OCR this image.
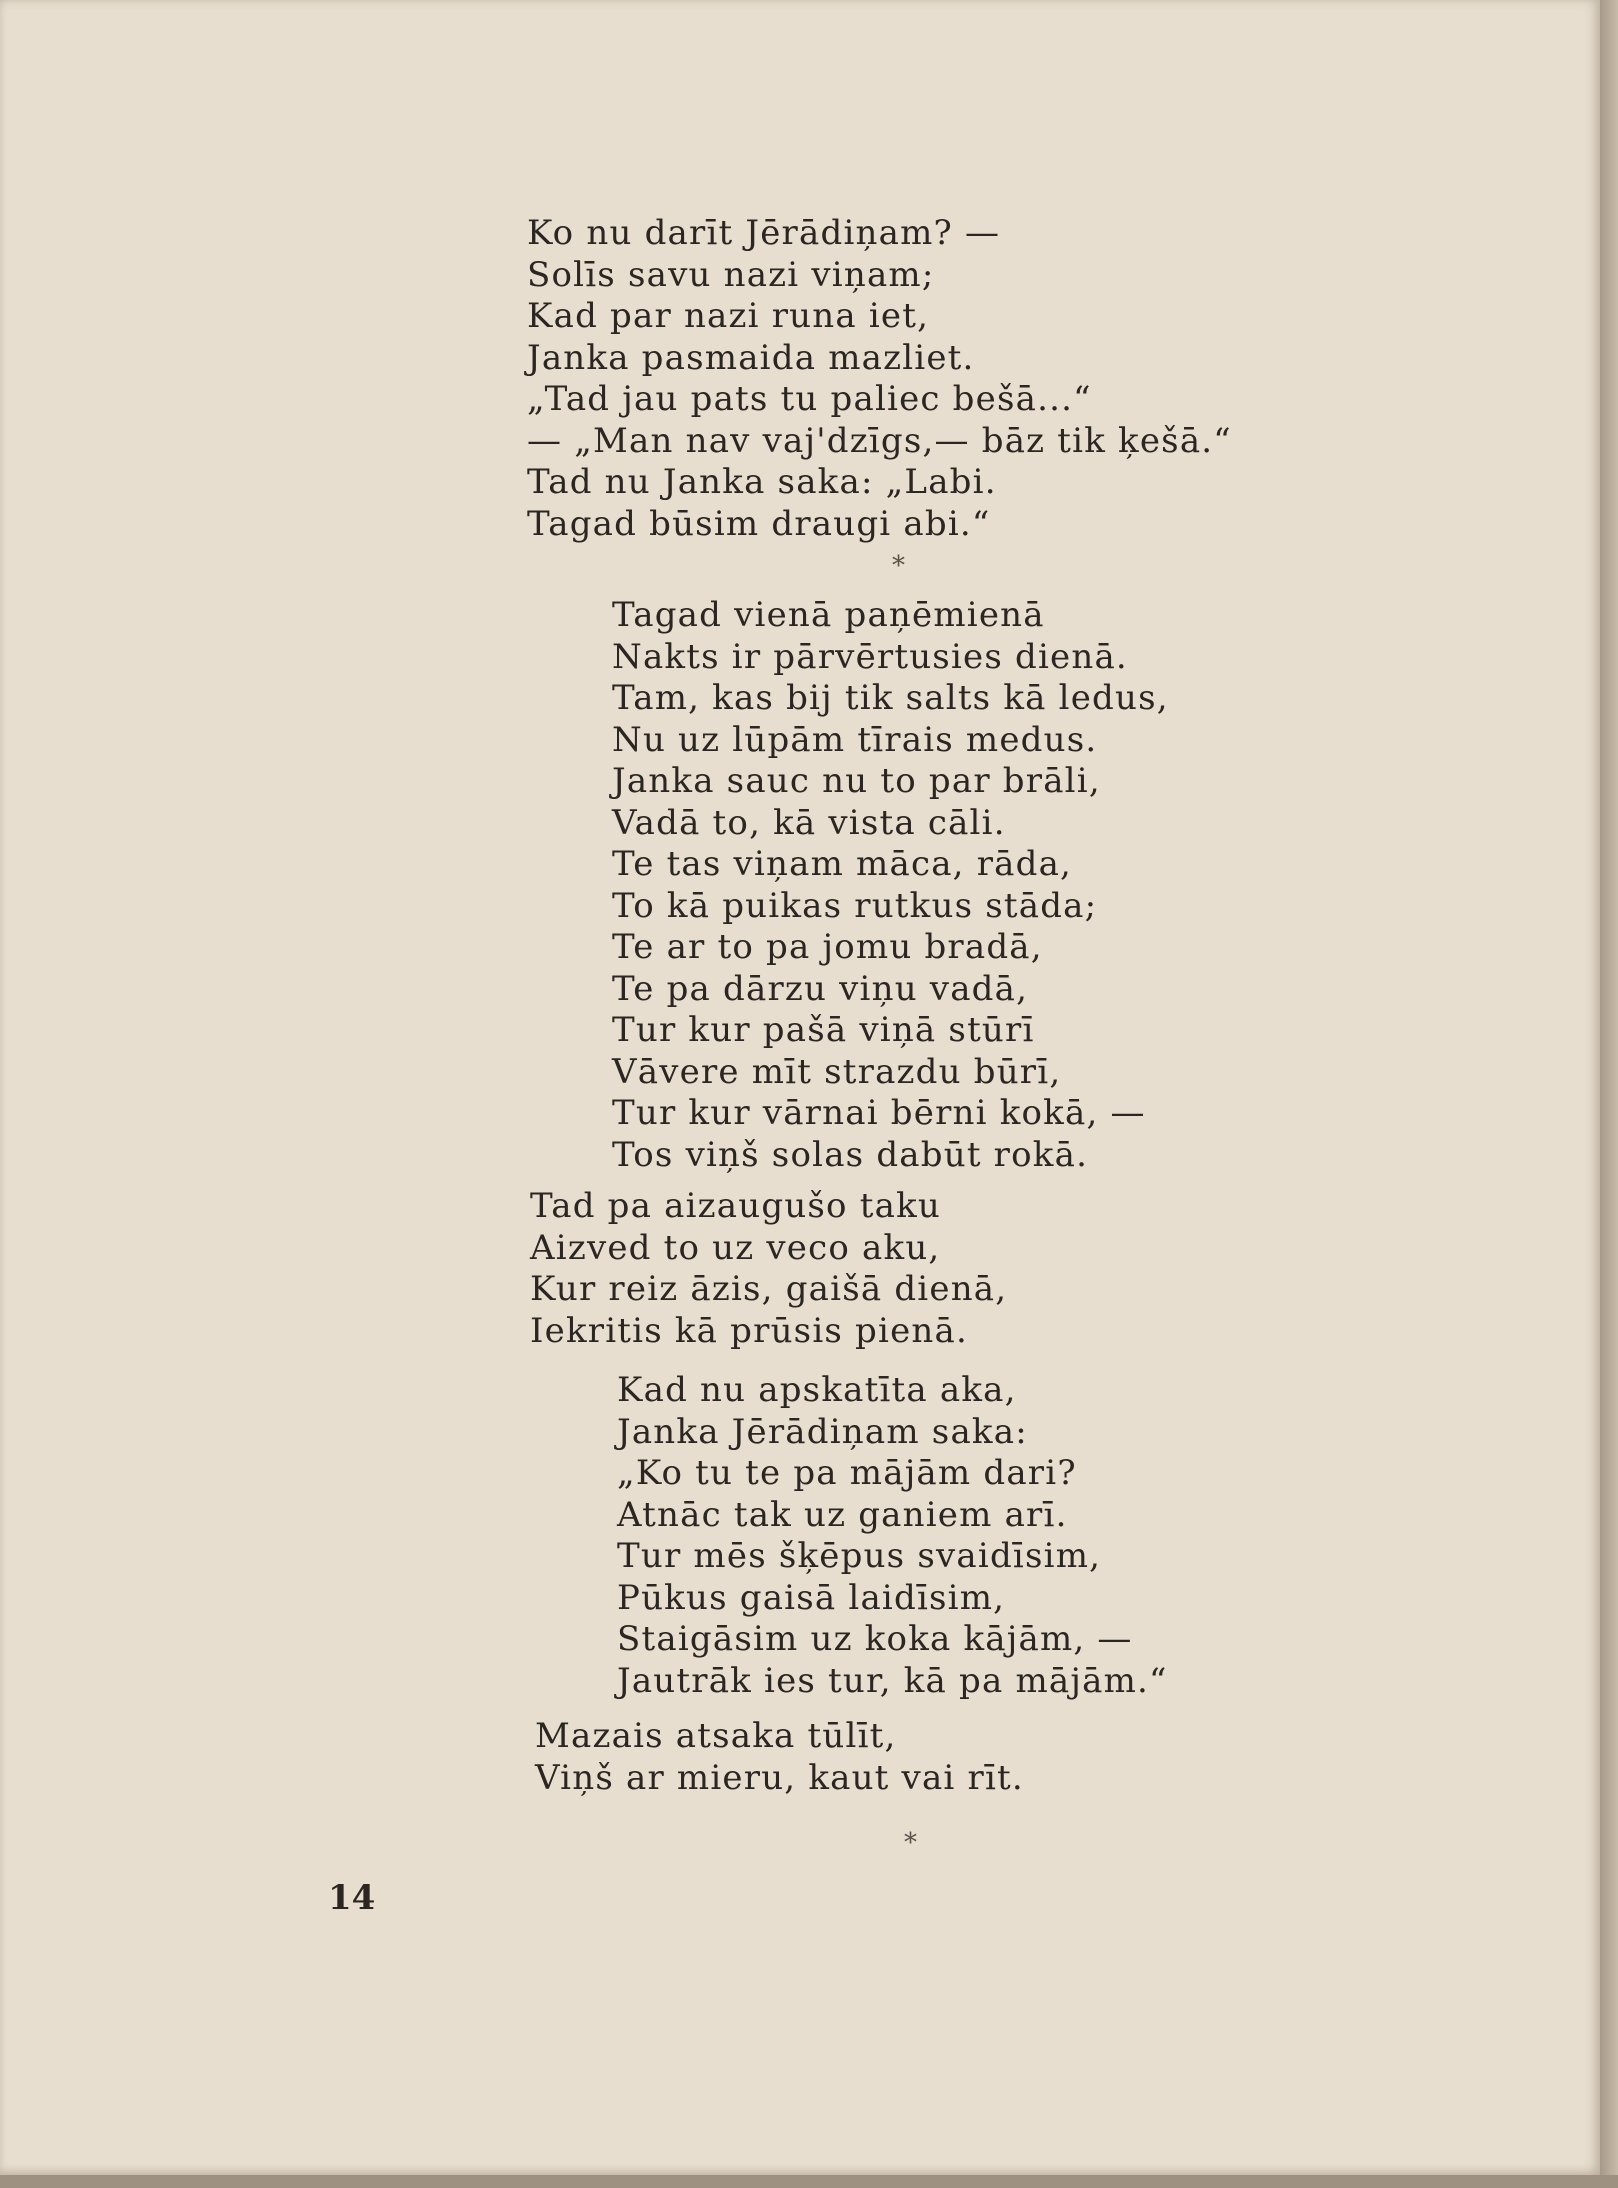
Ko nu darīt Jērādiņam? —
Solīs savu nazi viņam;
Kad par nazi runa iet,
Janka pasmaida mazliet.
„Tad jau pats tu paliec bešā...“
— „Man nav vaj'dzīgs,— bāz tik ķešā.“
Tad nu Janka saka: „Labi.
Tagad būsim draugi abi.“
*
Tagad vienā paņēmienā
Nakts ir pārvērtusies dienā.
Tam, kas bij tik salts kā ledus,
Nu uz lūpām tīrais medus.
Janka sauc nu to par brāli,
Vadā to, kā vista cāli.
Te tas viņam māca, rāda,
To kā puikas rutkus stāda;
Te ar to pa jomu bradā,
Te pa dārzu viņu vadā,
Tur kur pašā viņā stūrī
Vāvere mīt strazdu būrī,
Tur kur vārnai bērni kokā, —
Tos viņš solas dabūt rokā.
Tad pa aizaugušo taku
Aizved to uz veco aku,
Kur reiz āzis, gaišā dienā,
Iekritis kā prūsis pienā.
Kad nu apskatīta aka,
Janka Jērādiņam saka:
„Ko tu te pa mājām dari?
Atnāc tak uz ganiem arī.
Tur mēs šķēpus svaidīsim,
Pūkus gaisā laidīsim,
Staigāsim uz koka kājām, —
Jautrāk ies tur, kā pa mājām.“
Mazais atsaka tūlīt,
Viņš ar mieru, kaut vai rīt.
*
14
